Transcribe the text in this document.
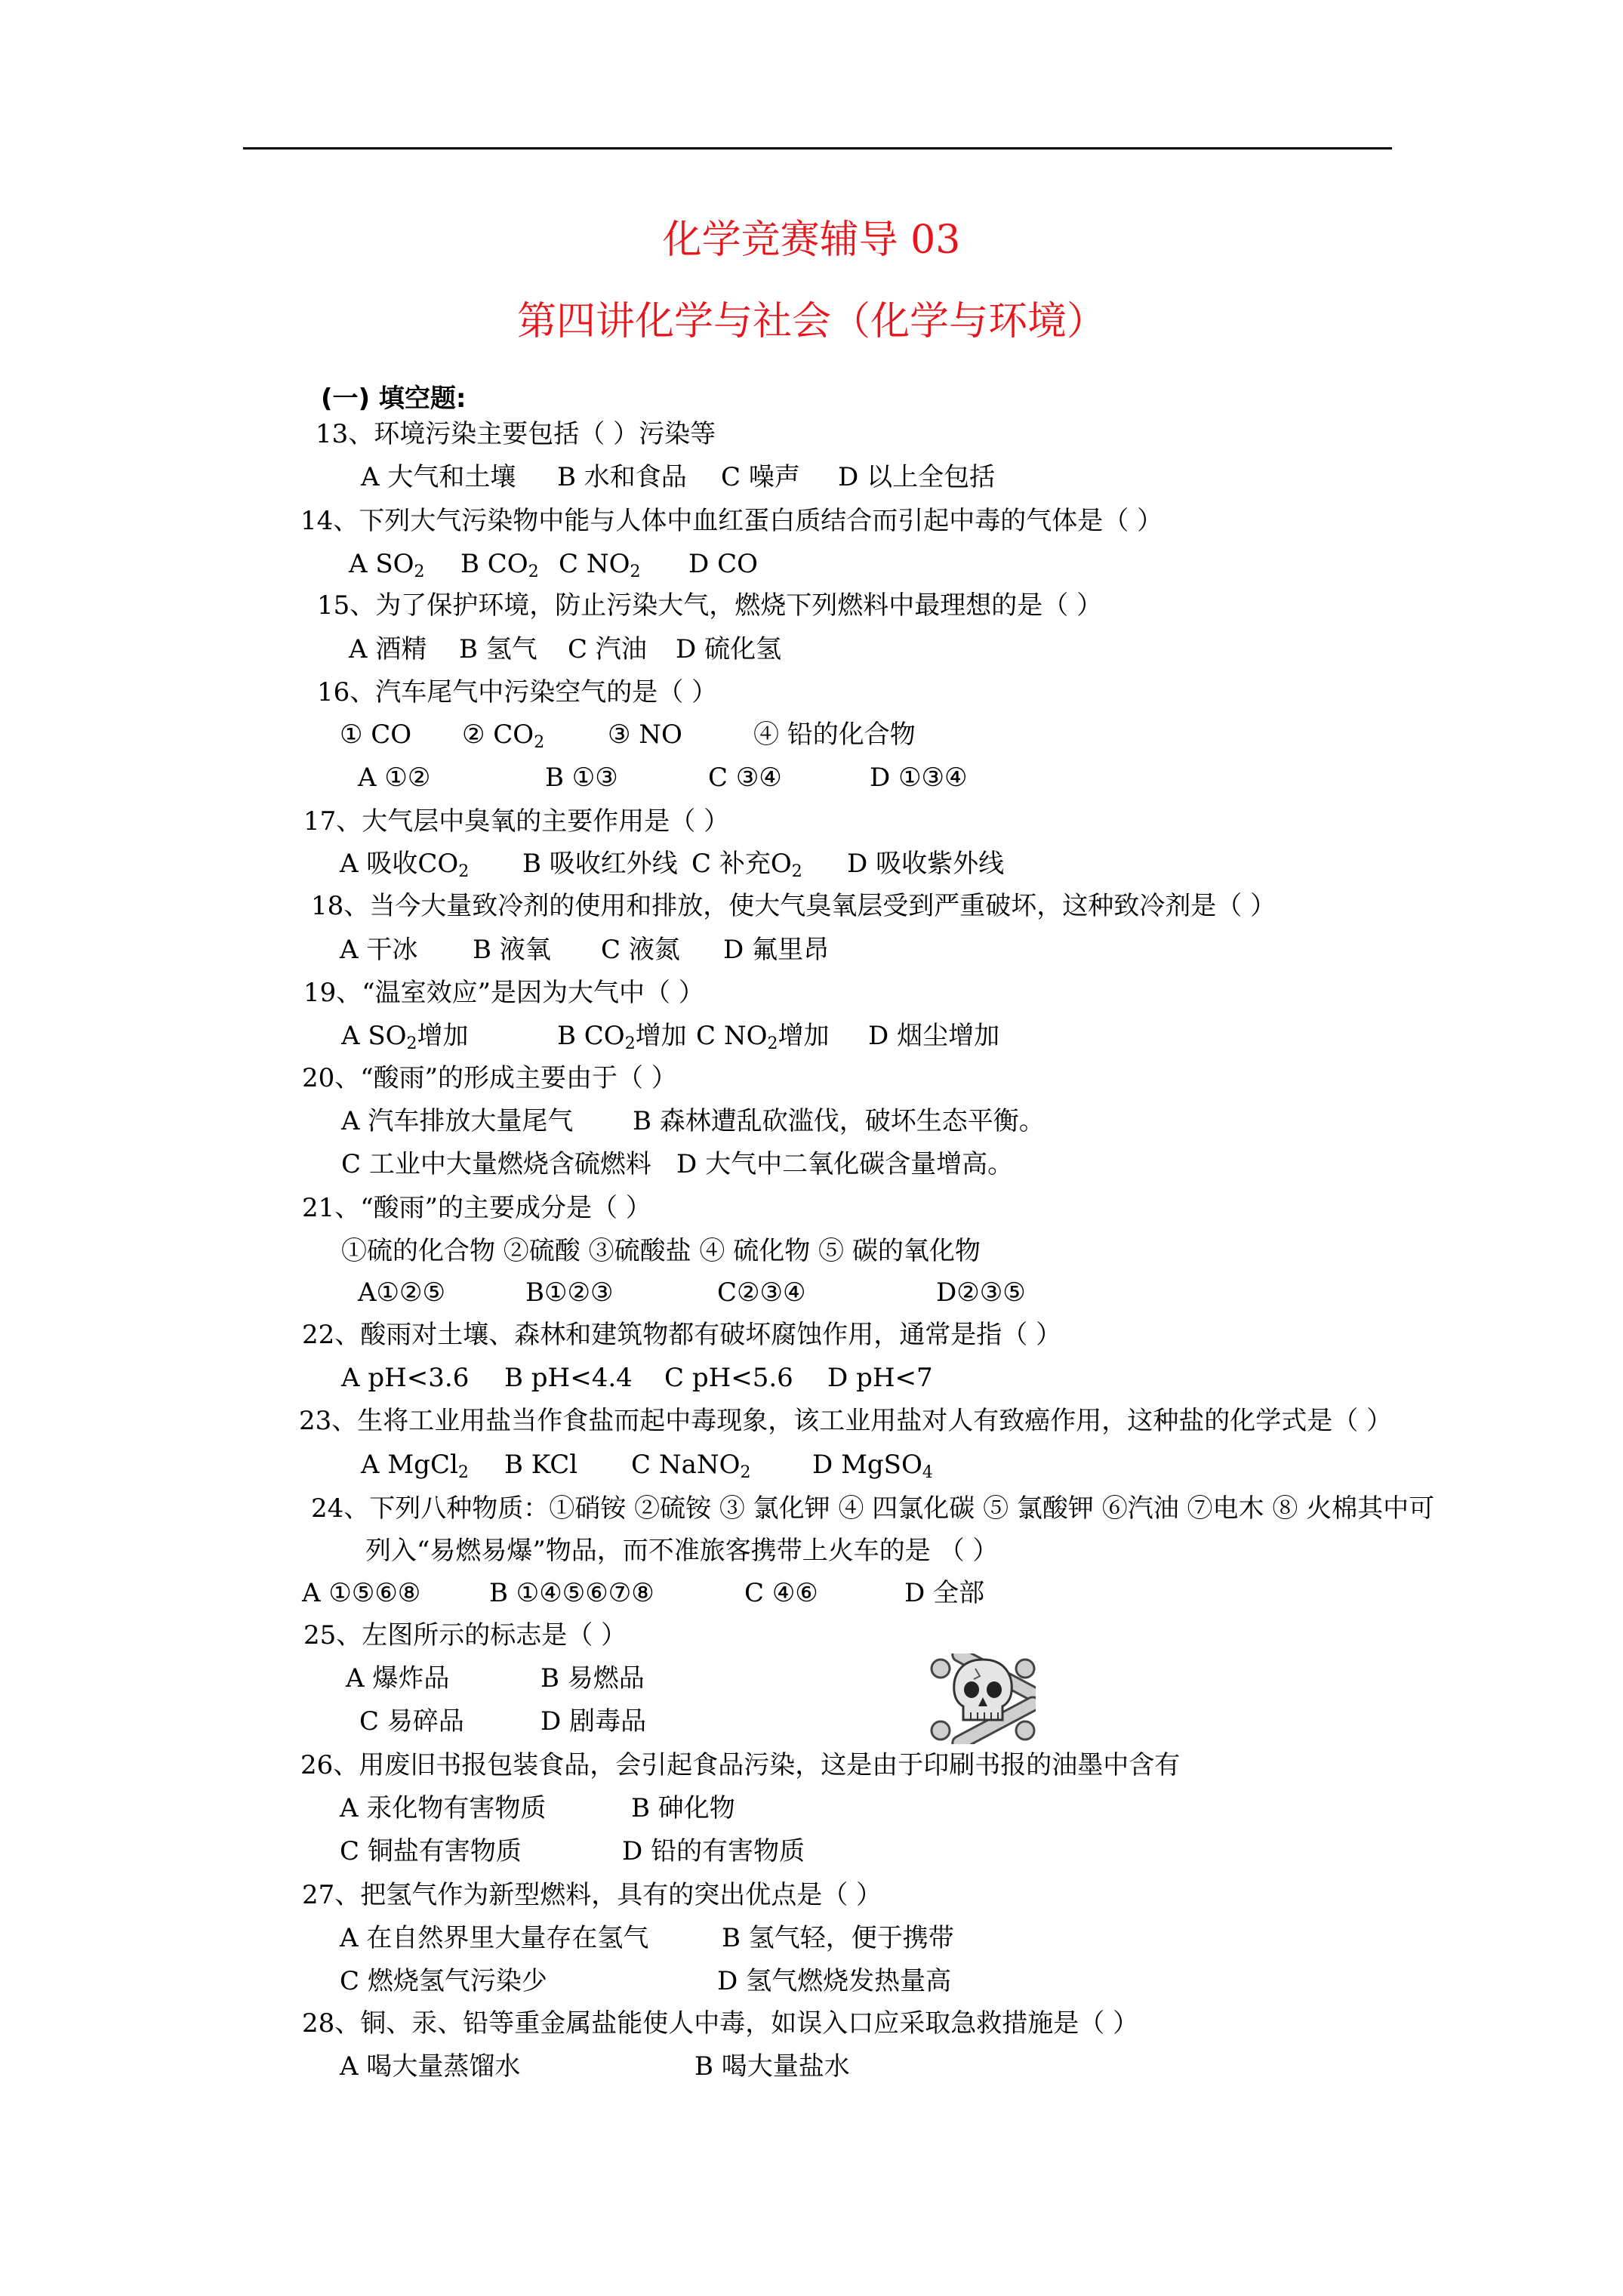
化学竞赛辅导 03
第四讲化学与社会（化学与环境）
(一) 填空题:
13、环境污染主要包括（ ）污染等
A 大气和土壤 B 水和食品 C 噪声 D 以上全包括
14、下列大气污染物中能与人体中血红蛋白质结合而引起中毒的气体是（ ）
A $SO_2$ B $CO_2$ C $NO_2$ D CO
15、为了保护环境，防止污染大气，燃烧下列燃料中最理想的是（ ）
A 酒精 B 氢气 C 汽油 D 硫化氢
16、汽车尾气中污染空气的是（ ）
① CO ② $CO_2$ ③ NO	④ 铅的化合物
A ①②	B ①③	C ③④	D ①③④
17、大气层中臭氧的主要作用是（ ）
A 吸收$CO_2$ B 吸收红外线 C 补充$O_2$ D 吸收紫外线
18、当今大量致冷剂的使用和排放，使大气臭氧层受到严重破坏，这种致冷剂是（ ）
A 干冰 B 液氧 C 液氮 D 氟里昂
19、“温室效应”是因为大气中（ ）
A $SO_2$增加	B $CO_2$增加 C $NO_2$增加 D 烟尘增加
20、“酸雨”的形成主要由于（ ）
A 汽车排放大量尾气 B 森林遭乱砍滥伐，破坏生态平衡。
C 工业中大量燃烧含硫燃料 D 大气中二氧化碳含量增高。
21、“酸雨”的主要成分是（ ）
①硫的化合物 ②硫酸 ③硫酸盐 ④ 硫化物 ⑤ 碳的氧化物
A①②⑤	B①②③	C②③④	D②③⑤
22、酸雨对土壤、森林和建筑物都有破坏腐蚀作用，通常是指（ ）
A pH<3.6 B pH<4.4 C pH<5.6 D pH<7
23、生将工业用盐当作食盐而起中毒现象，该工业用盐对人有致癌作用，这种盐的化学式是（ ）
A MgCl$_2$ B KCl C NaNO$_2$ D MgSO$_4$
24、下列八种物质：①硝铵 ②硫铵 ③ 氯化钾 ④ 四氯化碳 ⑤ 氯酸钾 ⑥汽油 ⑦电木 ⑧ 火棉其中可
列入“易燃易爆”物品，而不准旅客携带上火车的是 （ ）
A ①⑤⑥⑧	B ①④⑤⑥⑦⑧	C ④⑥	D 全部
25、左图所示的标志是（ ）
A 爆炸品	B 易燃品
C 易碎品	D 剧毒品
26、用废旧书报包装食品，会引起食品污染，这是由于印刷书报的油墨中含有
A 汞化物有害物质	B 砷化物
C 铜盐有害物质	D 铅的有害物质
27、把氢气作为新型燃料，具有的突出优点是（ ）
A 在自然界里大量存在氢气	B 氢气轻，便于携带
C 燃烧氢气污染少	D 氢气燃烧发热量高
28、铜、汞、铅等重金属盐能使人中毒，如误入口应采取急救措施是（ ）
A 喝大量蒸馏水	B 喝大量盐水
